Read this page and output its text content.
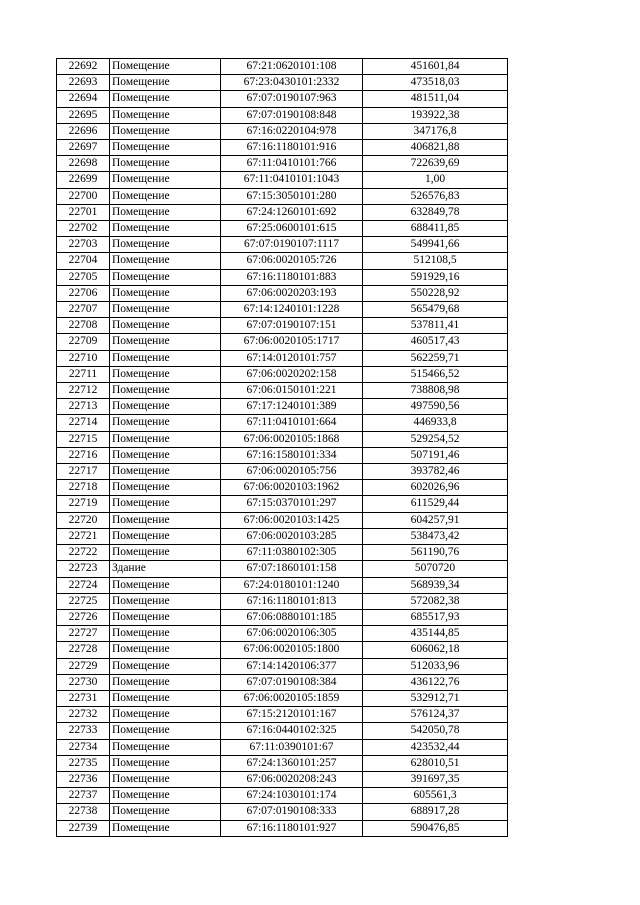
22692	Помещение	67:21:0620101:108	451601,84
22693	Помещение	67:23:0430101:2332	473518,03
22694	Помещение	67:07:0190107:963	481511,04
22695	Помещение	67:07:0190108:848	193922,38
22696	Помещение	67:16:0220104:978	347176,8
22697	Помещение	67:16:1180101:916	406821,88
22698	Помещение	67:11:0410101:766	722639,69
22699	Помещение	67:11:0410101:1043	1,00
22700	Помещение	67:15:3050101:280	526576,83
22701	Помещение	67:24:1260101:692	632849,78
22702	Помещение	67:25:0600101:615	688411,85
22703	Помещение	67:07:0190107:1117	549941,66
22704	Помещение	67:06:0020105:726	512108,5
22705	Помещение	67:16:1180101:883	591929,16
22706	Помещение	67:06:0020203:193	550228,92
22707	Помещение	67:14:1240101:1228	565479,68
22708	Помещение	67:07:0190107:151	537811,41
22709	Помещение	67:06:0020105:1717	460517,43
22710	Помещение	67:14:0120101:757	562259,71
22711	Помещение	67:06:0020202:158	515466,52
22712	Помещение	67:06:0150101:221	738808,98
22713	Помещение	67:17:1240101:389	497590,56
22714	Помещение	67:11:0410101:664	446933,8
22715	Помещение	67:06:0020105:1868	529254,52
22716	Помещение	67:16:1580101:334	507191,46
22717	Помещение	67:06:0020105:756	393782,46
22718	Помещение	67:06:0020103:1962	602026,96
22719	Помещение	67:15:0370101:297	611529,44
22720	Помещение	67:06:0020103:1425	604257,91
22721	Помещение	67:06:0020103:285	538473,42
22722	Помещение	67:11:0380102:305	561190,76
22723	Здание	67:07:1860101:158	5070720
22724	Помещение	67:24:0180101:1240	568939,34
22725	Помещение	67:16:1180101:813	572082,38
22726	Помещение	67:06:0880101:185	685517,93
22727	Помещение	67:06:0020106:305	435144,85
22728	Помещение	67:06:0020105:1800	606062,18
22729	Помещение	67:14:1420106:377	512033,96
22730	Помещение	67:07:0190108:384	436122,76
22731	Помещение	67:06:0020105:1859	532912,71
22732	Помещение	67:15:2120101:167	576124,37
22733	Помещение	67:16:0440102:325	542050,78
22734	Помещение	67:11:0390101:67	423532,44
22735	Помещение	67:24:1360101:257	628010,51
22736	Помещение	67:06:0020208:243	391697,35
22737	Помещение	67:24:1030101:174	605561,3
22738	Помещение	67:07:0190108:333	688917,28
22739	Помещение	67:16:1180101:927	590476,85
